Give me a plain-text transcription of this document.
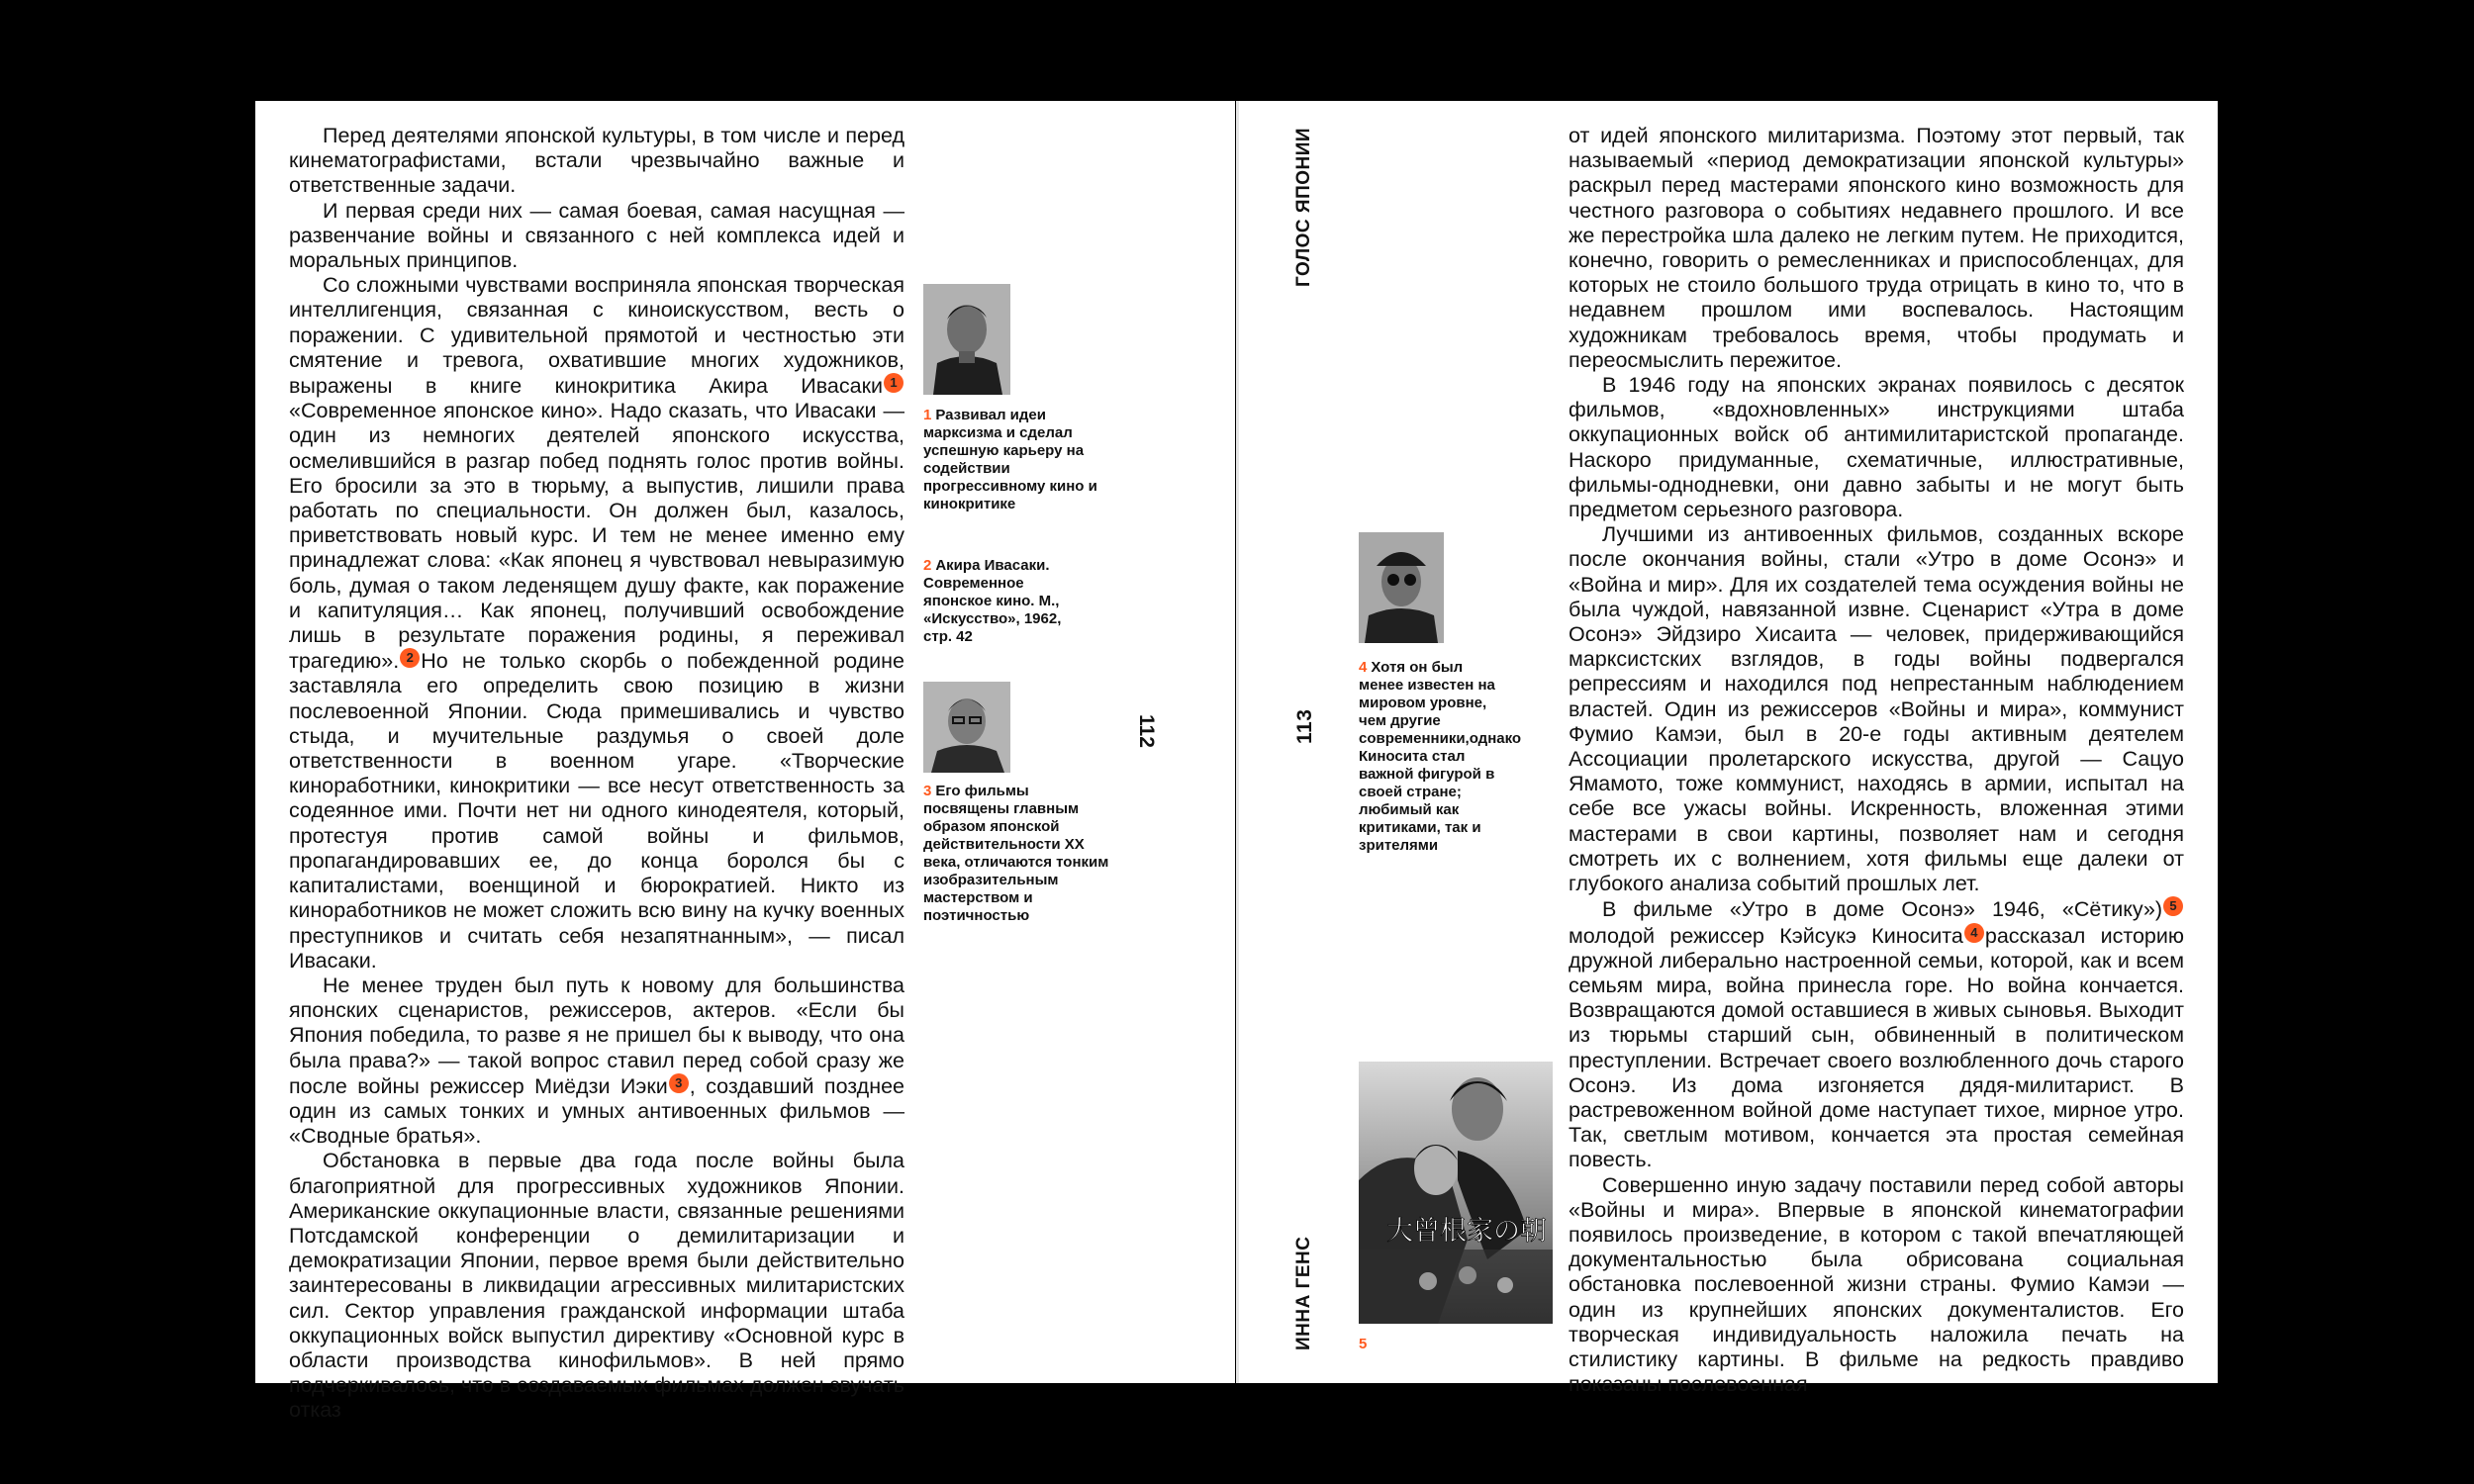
Перед деятелями японской культуры, в том числе и перед кинематографистами, встали чрезвычайно важные и ответственные задачи.

И первая среди них — самая боевая, самая насущная — развенчание войны и связанного с ней комплекса идей и моральных принципов.

Со сложными чувствами восприняла японская творческая интеллигенция, связанная с киноискусством, весть о поражении. С удивительной прямотой и честностью эти смятение и тревога, охватившие многих художников, выражены в книге кинокритика Акира Ивасаки 1«Современное японское кино». Надо сказать, что Ивасаки — один из немногих деятелей японского искусства, осмелившийся в разгар побед поднять голос против войны. Его бросили за это в тюрьму, а выпустив, лишили права работать по специальности. Он должен был, казалось, приветствовать новый курс. И тем не менее именно ему принадлежат слова: «Как японец я чувствовал невыразимую боль, думая о таком леденящем душу факте, как поражение и капитуляция… Как японец, получивший освобождение лишь в результате поражения родины, я переживал трагедию». 2 Но не только скорбь о побежденной родине заставляла его определить свою позицию в жизни послевоенной Японии. Сюда примешивались и чувство стыда, и мучительные раздумья о своей доле ответственности в военном угаре. «Творческие киноработники, кинокритики — все несут ответственность за содеянное ими. Почти нет ни одного кинодеятеля, который, протестуя против самой войны и фильмов, пропагандировавших ее, до конца боролся бы с капиталистами, военщиной и бюрократией. Никто из киноработников не может сложить всю вину на кучку военных преступников и считать себя незапятнанным», — писал Ивасаки.

Не менее труден был путь к новому для большинства японских сценаристов, режиссеров, актеров. «Если бы Япония победила, то разве я не пришел бы к выводу, что она была права?» — такой вопрос ставил перед собой сразу же после войны режиссер Миёдзи Иэки 3 , создавший позднее один из самых тонких и умных антивоенных фильмов — «Сводные братья».

Обстановка в первые два года после войны была благоприятной для прогрессивных художников Японии. Американские оккупационные власти, связанные решениями Потсдамской конференции о демилитаризации и демократизации Японии, первое время были действительно заинтересованы в ликвидации агрессивных милитаристских сил. Сектор управления гражданской информации штаба оккупационных войск выпустил директиву «Основной курс в области производства кинофильмов». В ней прямо подчеркивалось, что в создаваемых фильмах должен звучать отказ

1 Развивал идеи марксизма и сделал успешную карьеру на содействии прогрессивному кино и кинокритике
2 Акира Ивасаки. Современное японское кино. М., «Искусство», 1962, стр. 42
3 Его фильмы посвящены главным образом японской действительности XX века, отличаются тонким изобразительным мастерством и поэтичностью
112
ГОЛОС ЯПОНИИ
113
ИННА ГЕНС
4 Хотя он был менее известен на мировом уровне, чем другие современники,однако Киносита стал важной фигурой в своей стране; любимый как критиками, так и зрителями
大曾根家の朝
5

от идей японского милитаризма. Поэтому этот первый, так называемый «период демократизации японской культуры» раскрыл перед мастерами японского кино возможность для честного разговора о событиях недавнего прошлого. И все же перестройка шла далеко не легким путем. Не приходится, конечно, говорить о ремесленниках и приспособленцах, для которых не стоило большого труда отрицать в кино то, что в недавнем прошлом ими воспевалось. Настоящим художникам требовалось время, чтобы продумать и переосмыслить пережитое.

В 1946 году на японских экранах появилось с десяток фильмов, «вдохновленных» инструкциями штаба оккупационных войск об антимилитаристской пропаганде. Наскоро придуманные, схематичные, иллюстративные, фильмы-однодневки, они давно забыты и не могут быть предметом серьезного разговора.

Лучшими из антивоенных фильмов, созданных вскоре после окончания войны, стали «Утро в доме Осонэ» и «Война и мир». Для их создателей тема осуждения войны не была чуждой, навязанной извне. Сценарист «Утра в доме Осонэ» Эйдзиро Хисаита — человек, придерживающийся марксистских взглядов, в годы войны подвергался репрессиям и находился под непрестанным наблюдением властей. Один из режиссеров «Войны и мира», коммунист Фумио Камэи, был в 20-е годы активным деятелем Ассоциации пролетарского искусства, другой — Сацуо Ямамото, тоже коммунист, находясь в армии, испытал на себе все ужасы войны. Искренность, вложенная этими мастерами в свои картины, позволяет нам и сегодня смотреть их с волнением, хотя фильмы еще далеки от глубокого анализа событий прошлых лет.

В фильме «Утро в доме Осонэ» 1946, «Сётику») 5молодой режиссер Кэйсукэ Киносита 4 рассказал историю дружной либерально настроенной семьи, которой, как и всем семьям мира, война принесла горе. Но война кончается. Возвращаются домой оставшиеся в живых сыновья. Выходит из тюрьмы старший сын, обвиненный в политическом преступлении. Встречает своего возлюбленного дочь старого Осонэ. Из дома изгоняется дядя-милитарист. В растревоженном войной доме наступает тихое, мирное утро. Так, светлым мотивом, кончается эта простая семейная повесть.

Совершенно иную задачу поставили перед собой авторы «Войны и мира». Впервые в японской кинематографии появилось произведение, в котором с такой впечатляющей документальностью была обрисована социальная обстановка послевоенной жизни страны. Фумио Камэи — один из крупнейших японских документалистов. Его творческая индивидуальность наложила печать на стилистику картины. В фильме на редкость правдиво показаны послевоенная
